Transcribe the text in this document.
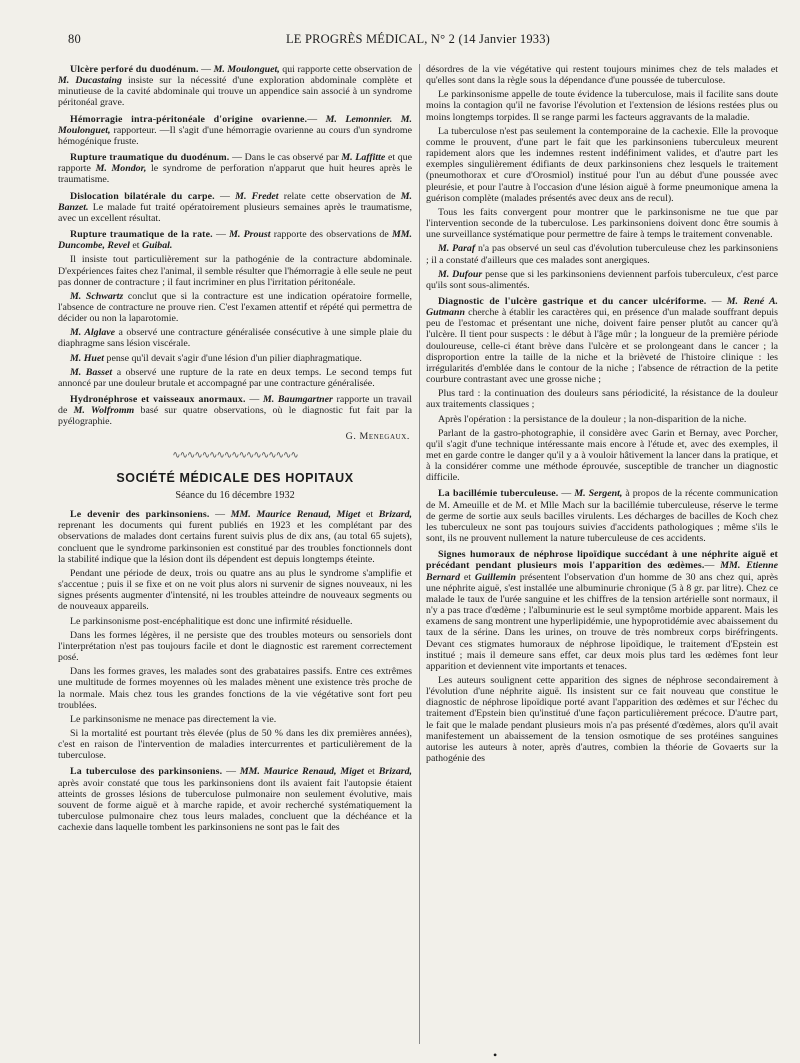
80	LE PROGRÈS MÉDICAL, N° 2 (14 Janvier 1933)

Ulcère perforé du duodénum. — M. Moulonguet, qui rapporte cette observation de M. Ducastaing insiste sur la nécessité d'une exploration abdominale complète et minutieuse de la cavité abdominale qui trouve un appendice sain associé à un syndrome péritonéal grave.

Hémorragie intra-péritonéale d'origine ovarienne.— M. Lemonnier. M. Moulonguet, rapporteur. —Il s'agit d'une hémorragie ovarienne au cours d'un syndrome hémogénique fruste.

Rupture traumatique du duodénum. — Dans le cas observé par M. Laffitte et que rapporte M. Mondor, le syndrome de perforation n'apparut que huit heures après le traumatisme.

Dislocation bilatérale du carpe. — M. Fredet relate cette observation de M. Banzet. Le malade fut traité opératoirement plusieurs semaines après le traumatisme, avec un excellent résultat.

Rupture traumatique de la rate. — M. Proust rapporte des observations de MM. Duncombe, Revel et Guibal.

Il insiste tout particulièrement sur la pathogénie de la contracture abdominale. D'expériences faites chez l'animal, il semble résulter que l'hémorragie à elle seule ne peut pas donner de contracture ; il faut incriminer en plus l'irritation péritonéale.

M. Schwartz conclut que si la contracture est une indication opératoire formelle, l'absence de contracture ne prouve rien. C'est l'examen attentif et répété qui permettra de décider ou non la laparotomie.

M. Alglave a observé une contracture généralisée consécutive à une simple plaie du diaphragme sans lésion viscérale.

M. Huet pense qu'il devait s'agir d'une lésion d'un pilier diaphragmatique.

M. Basset a observé une rupture de la rate en deux temps. Le second temps fut annoncé par une douleur brutale et accompagné par une contracture généralisée.

Hydronéphrose et vaisseaux anormaux. — M. Baumgartner rapporte un travail de M. Wolfromm basé sur quatre observations, où le diagnostic fut fait par la pyélographie.

G. Menegaux.
∿∿∿∿∿∿∿∿∿∿∿∿∿∿∿∿∿
SOCIÉTÉ MÉDICALE DES HOPITAUX
Séance du 16 décembre 1932

Le devenir des parkinsoniens. — MM. Maurice Renaud, Miget et Brizard, reprenant les documents qui furent publiés en 1923 et les complétant par des observations de malades dont certains furent suivis plus de dix ans, (au total 65 sujets), concluent que le syndrome parkinsonien est constitué par des troubles fonctionnels dont la stabilité indique que la lésion dont ils dépendent est depuis longtemps éteinte.

Pendant une période de deux, trois ou quatre ans au plus le syndrome s'amplifie et s'accentue ; puis il se fixe et on ne voit plus alors ni survenir de signes nouveaux, ni les signes présents augmenter d'intensité, ni les troubles atteindre de nouveaux segments ou de nouveaux appareils.

Le parkinsonisme post-encéphalitique est donc une infirmité résiduelle.

Dans les formes légères, il ne persiste que des troubles moteurs ou sensoriels dont l'interprétation n'est pas toujours facile et dont le diagnostic est rarement correctement posé.

Dans les formes graves, les malades sont des grabataires passifs. Entre ces extrêmes une multitude de formes moyennes où les malades mènent une existence très proche de la normale. Mais chez tous les grandes fonctions de la vie végétative sont fort peu troublées.

Le parkinsonisme ne menace pas directement la vie.

Si la mortalité est pourtant très élevée (plus de 50 % dans les dix premières années), c'est en raison de l'intervention de maladies intercurrentes et particulièrement de la tuberculose.

La tuberculose des parkinsoniens. — MM. Maurice Renaud, Miget et Brizard, après avoir constaté que tous les parkinsoniens dont ils avaient fait l'autopsie étaient atteints de grosses lésions de tuberculose pulmonaire non seulement évolutive, mais souvent de forme aiguë et à marche rapide, et avoir recherché systématiquement la tuberculose pulmonaire chez tous leurs malades, concluent que la déchéance et la cachexie dans laquelle tombent les parkinsoniens ne sont pas le fait des

désordres de la vie végétative qui restent toujours minimes chez de tels malades et qu'elles sont dans la règle sous la dépendance d'une poussée de tuberculose.

Le parkinsonisme appelle de toute évidence la tuberculose, mais il facilite sans doute moins la contagion qu'il ne favorise l'évolution et l'extension de lésions restées plus ou moins longtemps torpides. Il se range parmi les facteurs aggravants de la maladie.

La tuberculose n'est pas seulement la contemporaine de la cachexie. Elle la provoque comme le prouvent, d'une part le fait que les parkinsoniens tuberculeux meurent rapidement alors que les indemnes restent indéfiniment valides, et d'autre part les exemples singulièrement édifiants de deux parkinsoniens chez lesquels le traitement (pneumothorax et cure d'Orosmiol) institué pour l'un au début d'une poussée avec pleurésie, et pour l'autre à l'occasion d'une lésion aiguë à forme pneumonique amena la guérison complète (malades présentés avec deux ans de recul).

Tous les faits convergent pour montrer que le parkinsonisme ne tue que par l'intervention seconde de la tuberculose. Les parkinsoniens doivent donc être soumis à une surveillance systématique pour permettre de faire à temps le traitement convenable.

M. Paraf n'a pas observé un seul cas d'évolution tuberculeuse chez les parkinsoniens ; il a constaté d'ailleurs que ces malades sont anergiques.

M. Dufour pense que si les parkinsoniens deviennent parfois tuberculeux, c'est parce qu'ils sont sous-alimentés.

Diagnostic de l'ulcère gastrique et du cancer ulcériforme. — M. René A. Gutmann cherche à établir les caractères qui, en présence d'un malade souffrant depuis peu de l'estomac et présentant une niche, doivent faire penser plutôt au cancer qu'à l'ulcère. Il tient pour suspects : le début à l'âge mûr ; la longueur de la première période douloureuse, celle-ci étant brève dans l'ulcère et se prolongeant dans le cancer ; la disproportion entre la taille de la niche et la brièveté de l'histoire clinique : les irrégularités d'emblée dans le contour de la niche ; l'absence de rétraction de la petite courbure contrastant avec une grosse niche ;

Plus tard : la continuation des douleurs sans périodicité, la résistance de la douleur aux traitements classiques ;

Après l'opération : la persistance de la douleur ; la non-disparition de la niche.

Parlant de la gastro-photographie, il considère avec Garin et Bernay, avec Porcher, qu'il s'agit d'une technique intéressante mais encore à l'étude et, avec des exemples, il met en garde contre le danger qu'il y a à vouloir hâtivement la lancer dans la pratique, et à la considérer comme une méthode éprouvée, susceptible de trancher un diagnostic difficile.

La bacillémie tuberculeuse. — M. Sergent, à propos de la récente communication de M. Ameuille et de M. et Mlle Mach sur la bacillémie tuberculeuse, réserve le terme de germe de sortie aux seuls bacilles virulents. Les décharges de bacilles de Koch chez les tuberculeux ne sont pas toujours suivies d'accidents pathologiques ; même s'ils le sont, ils ne prouvent nullement la nature tuberculeuse de ces accidents.

Signes humoraux de néphrose lipoïdique succédant à une néphrite aiguë et précédant pendant plusieurs mois l'apparition des œdèmes.— MM. Etienne Bernard et Guillemin présentent l'observation d'un homme de 30 ans chez qui, après une néphrite aiguë, s'est installée une albuminurie chronique (5 à 8 gr. par litre). Chez ce malade le taux de l'urée sanguine et les chiffres de la tension artérielle sont normaux, il n'y a pas trace d'œdème ; l'albuminurie est le seul symptôme morbide apparent. Mais les examens de sang montrent une hyperlipidémie, une hypoprotidémie avec abaissement du taux de la sérine. Dans les urines, on trouve de très nombreux corps biréfringents. Devant ces stigmates humoraux de néphrose lipoïdique, le traitement d'Epstein est institué ; mais il demeure sans effet, car deux mois plus tard les œdèmes font leur apparition et deviennent vite importants et tenaces.

Les auteurs soulignent cette apparition des signes de néphrose secondairement à l'évolution d'une néphrite aiguë. Ils insistent sur ce fait nouveau que constitue le diagnostic de néphrose lipoïdique porté avant l'apparition des œdèmes et sur l'échec du traitement d'Epstein bien qu'institué d'une façon particulièrement précoce. D'autre part, le fait que le malade pendant plusieurs mois n'a pas présenté d'œdèmes, alors qu'il avait manifestement un abaissement de la tension osmotique de ses protéines sanguines autorise les auteurs à noter, après d'autres, combien la théorie de Govaerts sur la pathogénie des

•
